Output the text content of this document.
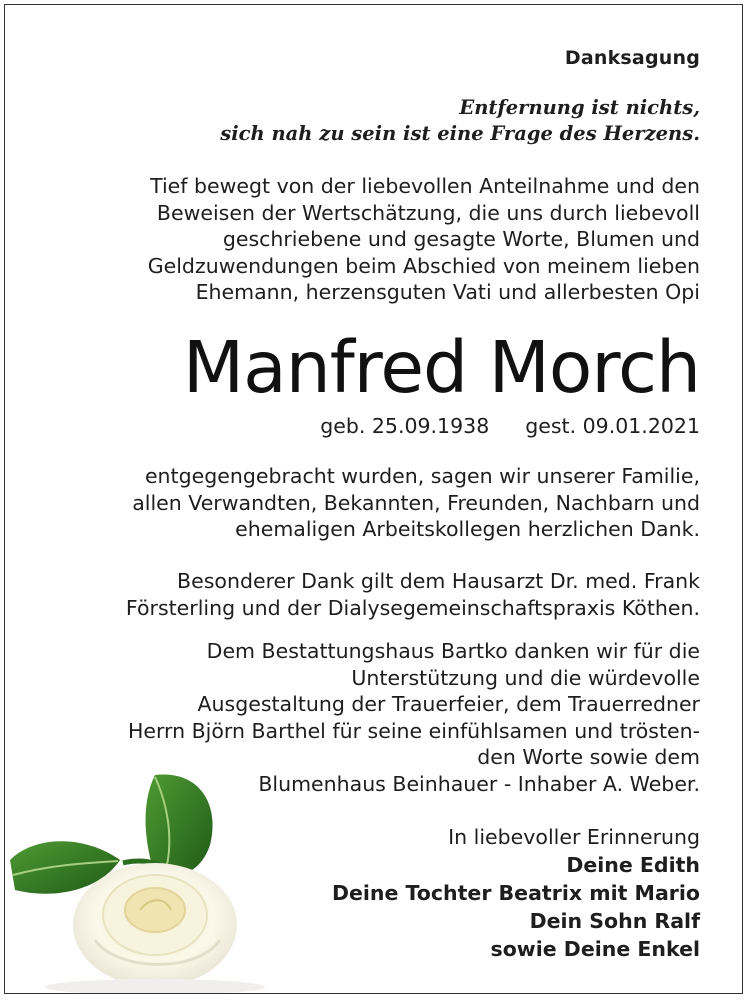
Danksagung
Entfernung ist nichts,
sich nah zu sein ist eine Frage des Herzens.
Tief bewegt von der liebevollen Anteilnahme und den
Beweisen der Wertschätzung, die uns durch liebevoll
geschriebene und gesagte Worte, Blumen und
Geldzuwendungen beim Abschied von meinem lieben
Ehemann, herzensguten Vati und allerbesten Opi
Manfred Morch
geb. 25.09.1938 gest. 09.01.2021
entgegengebracht wurden, sagen wir unserer Familie,
allen Verwandten, Bekannten, Freunden, Nachbarn und
ehemaligen Arbeitskollegen herzlichen Dank.
Besonderer Dank gilt dem Hausarzt Dr. med. Frank
Försterling und der Dialysegemeinschaftspraxis Köthen.
Dem Bestattungshaus Bartko danken wir für die
Unterstützung und die würdevolle
Ausgestaltung der Trauerfeier, dem Trauerredner
Herrn Björn Barthel für seine einfühlsamen und trösten-
den Worte sowie dem
Blumenhaus Beinhauer - Inhaber A. Weber.
In liebevoller Erinnerung
Deine Edith
Deine Tochter Beatrix mit Mario
Dein Sohn Ralf
sowie Deine Enkel
